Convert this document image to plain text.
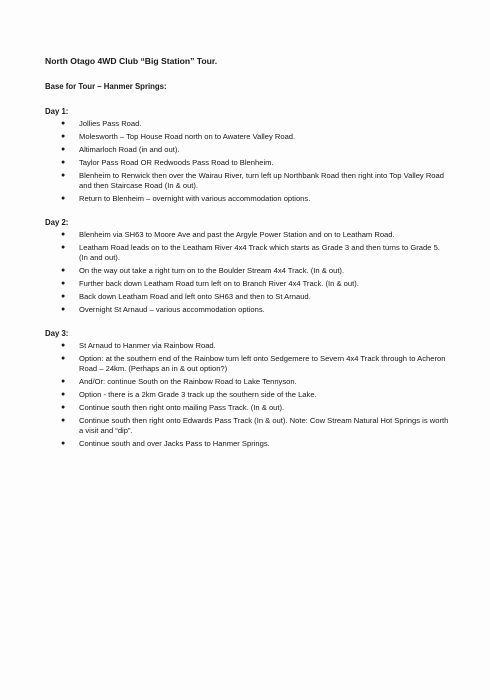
North Otago 4WD Club “Big Station” Tour.
Base for Tour – Hanmer Springs:
Day 1:
● Jollies Pass Road.
● Molesworth – Top House Road north on to Awatere Valley Road.
● Altimarloch Road (in and out).
● Taylor Pass Road OR Redwoods Pass Road to Blenheim.
● Blenheim to Renwick then over the Wairau River, turn left up Northbank Road then right into Top Valley Road and then Staircase Road (In & out).
● Return to Blenheim – overnight with various accommodation options.
Day 2:
● Blenheim via SH63 to Moore Ave and past the Argyle Power Station and on to Leatham Road.
● Leatham Road leads on to the Leatham River 4x4 Track which starts as Grade 3 and then turns to Grade 5. (In and out).
● On the way out take a right turn on to the Boulder Stream 4x4 Track. (In & out).
● Further back down Leatham Road turn left on to Branch River 4x4 Track. (In & out).
● Back down Leatham Road and left onto SH63 and then to St Arnaud.
● Overnight St Arnaud – various accommodation options.
Day 3:
● St Arnaud to Hanmer via Rainbow Road.
● Option: at the southern end of the Rainbow turn left onto Sedgemere to Severn 4x4 Track through to Acheron Road – 24km. (Perhaps an in & out option?)
● And/Or: continue South on the Rainbow Road to Lake Tennyson.
● Option - there is a 2km Grade 3 track up the southern side of the Lake.
● Continue south then right onto mailing Pass Track. (In & out).
● Continue south then right onto Edwards Pass Track (In & out). Note: Cow Stream Natural Hot Springs is worth a visit and “dip”.
● Continue south and over Jacks Pass to Hanmer Springs.
